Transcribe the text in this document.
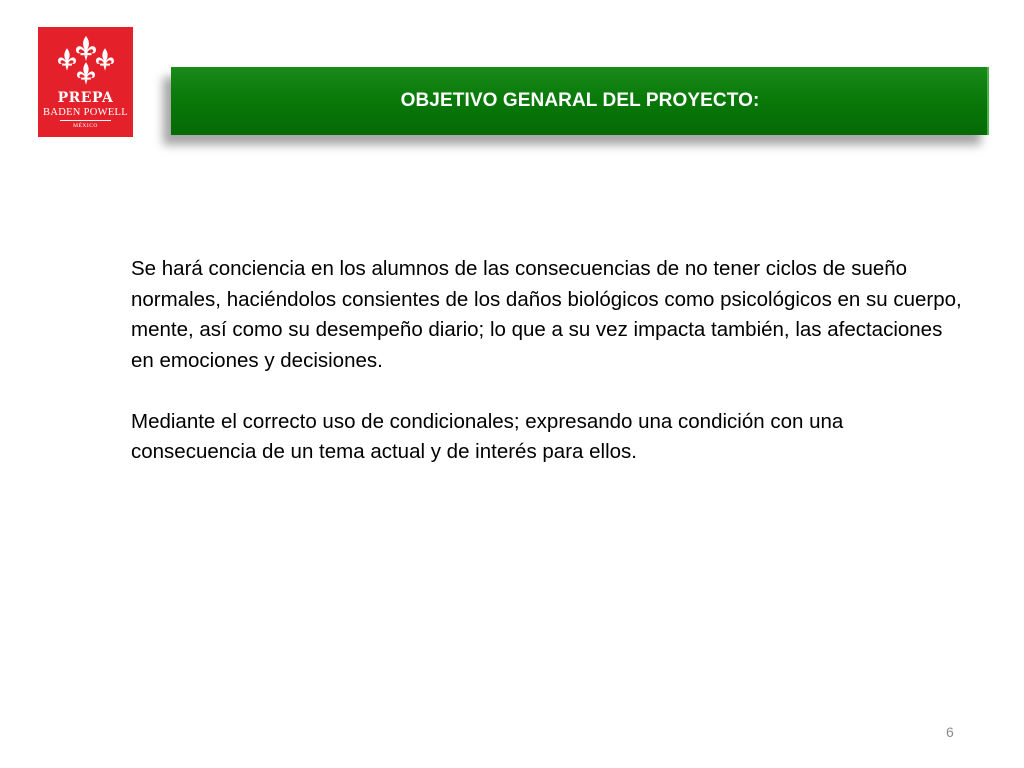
PREPA
BADEN POWELL
MÉXICO
OBJETIVO GENARAL DEL PROYECTO:

Se hará conciencia en los alumnos de las consecuencias de no tener ciclos de sueño normales, haciéndolos consientes de los daños biológicos como psicológicos en su cuerpo, mente, así como su desempeño diario; lo que a su vez impacta también, las afectaciones en emociones y decisiones.

Mediante el correcto uso de condicionales; expresando una condición con una consecuencia de un tema actual y de interés para ellos.

6
